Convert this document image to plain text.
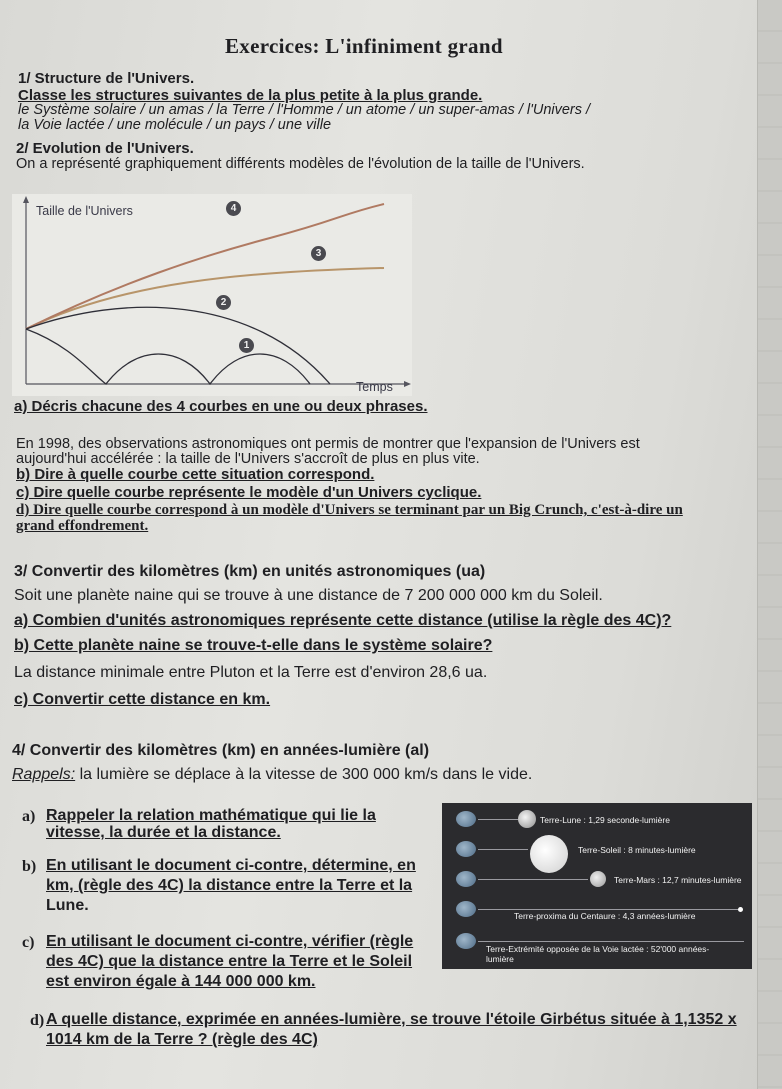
Exercices: L'infiniment grand
1/ Structure de l'Univers.
Classe les structures suivantes de la plus petite à la plus grande.
le Système solaire / un amas / la Terre / l'Homme / un atome / un super-amas / l'Univers /
la Voie lactée / une molécule / un pays / une ville
2/ Evolution de l'Univers.
On a représenté graphiquement différents modèles de l'évolution de la taille de l'Univers.
Taille de l'Univers
Temps
4
3
2
1
a) Décris chacune des 4 courbes en une ou deux phrases.
En 1998, des observations astronomiques ont permis de montrer que l'expansion de l'Univers est
aujourd'hui accélérée : la taille de l'Univers s'accroît de plus en plus vite.
b) Dire à quelle courbe cette situation correspond.
c) Dire quelle courbe représente le modèle d'un Univers cyclique.
d) Dire quelle courbe correspond à un modèle d'Univers se terminant par un Big Crunch, c'est-à-dire un
grand effondrement.
3/ Convertir des kilomètres (km) en unités astronomiques (ua)
Soit une planète naine qui se trouve à une distance de 7 200 000 000 km du Soleil.
a) Combien d'unités astronomiques représente cette distance (utilise la règle des 4C)?
b) Cette planète naine se trouve-t-elle dans le système solaire?
La distance minimale entre Pluton et la Terre est d'environ 28,6 ua.
c) Convertir cette distance en km.
4/ Convertir des kilomètres (km) en années-lumière (al)
Rappels: la lumière se déplace à la vitesse de 300 000 km/s dans le vide.
a) Rappeler la relation mathématique qui lie la
vitesse, la durée et la distance.
b) En utilisant le document ci-contre, détermine, en
km, (règle des 4C) la distance entre la Terre et la
Lune.
c) En utilisant le document ci-contre, vérifier (règle
des 4C) que la distance entre la Terre et le Soleil
est environ égale à 144 000 000 km.
d) A quelle distance, exprimée en années-lumière, se trouve l'étoile Girbétus située à 1,1352 x
1014 km de la Terre ? (règle des 4C)
Terre-Lune : 1,29 seconde-lumière
Terre-Soleil : 8 minutes-lumière
Terre-Mars : 12,7 minutes-lumière
Terre-proxima du Centaure : 4,3 années-lumière
Terre-Extrémité opposée de la Voie lactée : 52'000 années-
lumière
